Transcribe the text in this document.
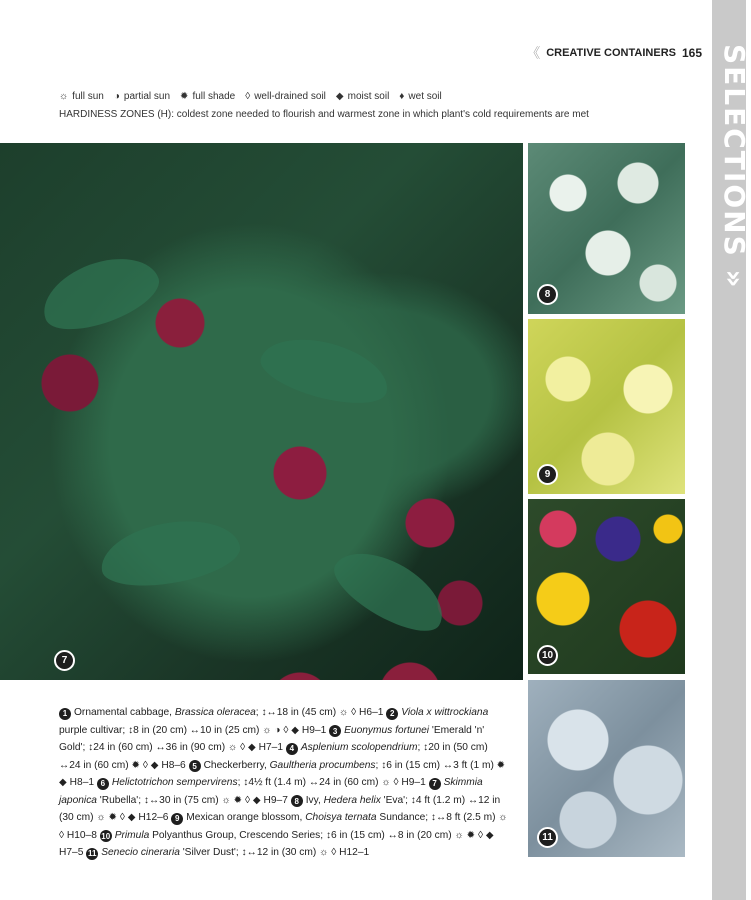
SELECTIONS »
《 CREATIVE CONTAINERS 165
☼ full sun ◑ partial sun ✹ full shade ◊ well-drained soil ◆ moist soil ♦ wet soil
HARDINESS ZONES (H): coldest zone needed to flourish and warmest zone in which plant's cold requirements are met
7
8
9
10
11
1 Ornamental cabbage, Brassica oleracea; ↕↔18 in (45 cm) ☼ ◊ H6–1 2 Viola x wittrockiana purple cultivar; ↕8 in (20 cm) ↔10 in (25 cm) ☼ ◑ ◊ ◆ H9–1 3 Euonymus fortunei 'Emerald 'n' Gold'; ↕24 in (60 cm) ↔36 in (90 cm) ☼ ◊ ◆ H7–1 4 Asplenium scolopendrium; ↕20 in (50 cm) ↔24 in (60 cm) ✹ ◊ ◆ H8–6 5 Checkerberry, Gaultheria procumbens; ↕6 in (15 cm) ↔3 ft (1 m) ✹ ◆ H8–1 6 Helictotrichon sempervirens; ↕4½ ft (1.4 m) ↔24 in (60 cm) ☼ ◊ H9–1 7 Skimmia japonica 'Rubella'; ↕↔30 in (75 cm) ☼ ✹ ◊ ◆ H9–7 8 Ivy, Hedera helix 'Eva'; ↕4 ft (1.2 m) ↔12 in (30 cm) ☼ ✹ ◊ ◆ H12–6 9 Mexican orange blossom, Choisya ternata Sundance; ↕↔8 ft (2.5 m) ☼ ◊ H10–8 10 Primula Polyanthus Group, Crescendo Series; ↕6 in (15 cm) ↔8 in (20 cm) ☼ ✹ ◊ ◆ H7–5 11 Senecio cineraria 'Silver Dust'; ↕↔12 in (30 cm) ☼ ◊ H12–1
